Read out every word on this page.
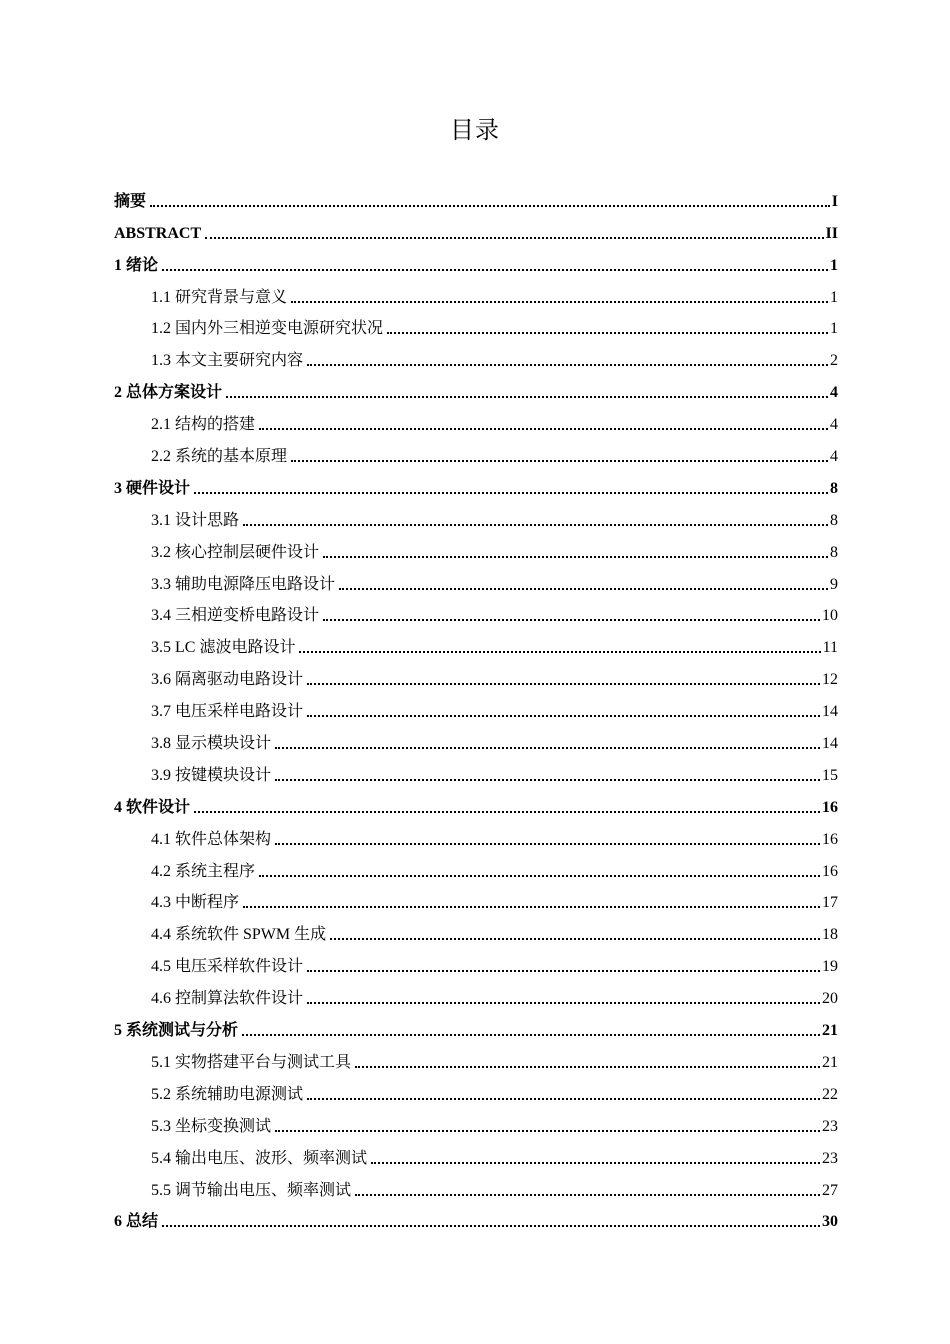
目录
摘要	I
ABSTRACT	II
1 绪论	1
1.1 研究背景与意义	1
1.2 国内外三相逆变电源研究状况	1
1.3 本文主要研究内容	2
2 总体方案设计	4
2.1 结构的搭建	4
2.2 系统的基本原理	4
3 硬件设计	8
3.1 设计思路	8
3.2 核心控制层硬件设计	8
3.3 辅助电源降压电路设计	9
3.4 三相逆变桥电路设计	10
3.5 LC 滤波电路设计	11
3.6 隔离驱动电路设计	12
3.7 电压采样电路设计	14
3.8 显示模块设计	14
3.9 按键模块设计	15
4 软件设计	16
4.1 软件总体架构	16
4.2 系统主程序	16
4.3 中断程序	17
4.4 系统软件 SPWM 生成	18
4.5 电压采样软件设计	19
4.6 控制算法软件设计	20
5 系统测试与分析	21
5.1 实物搭建平台与测试工具	21
5.2 系统辅助电源测试	22
5.3 坐标变换测试	23
5.4 输出电压、波形、频率测试	23
5.5 调节输出电压、频率测试	27
6 总结	30
